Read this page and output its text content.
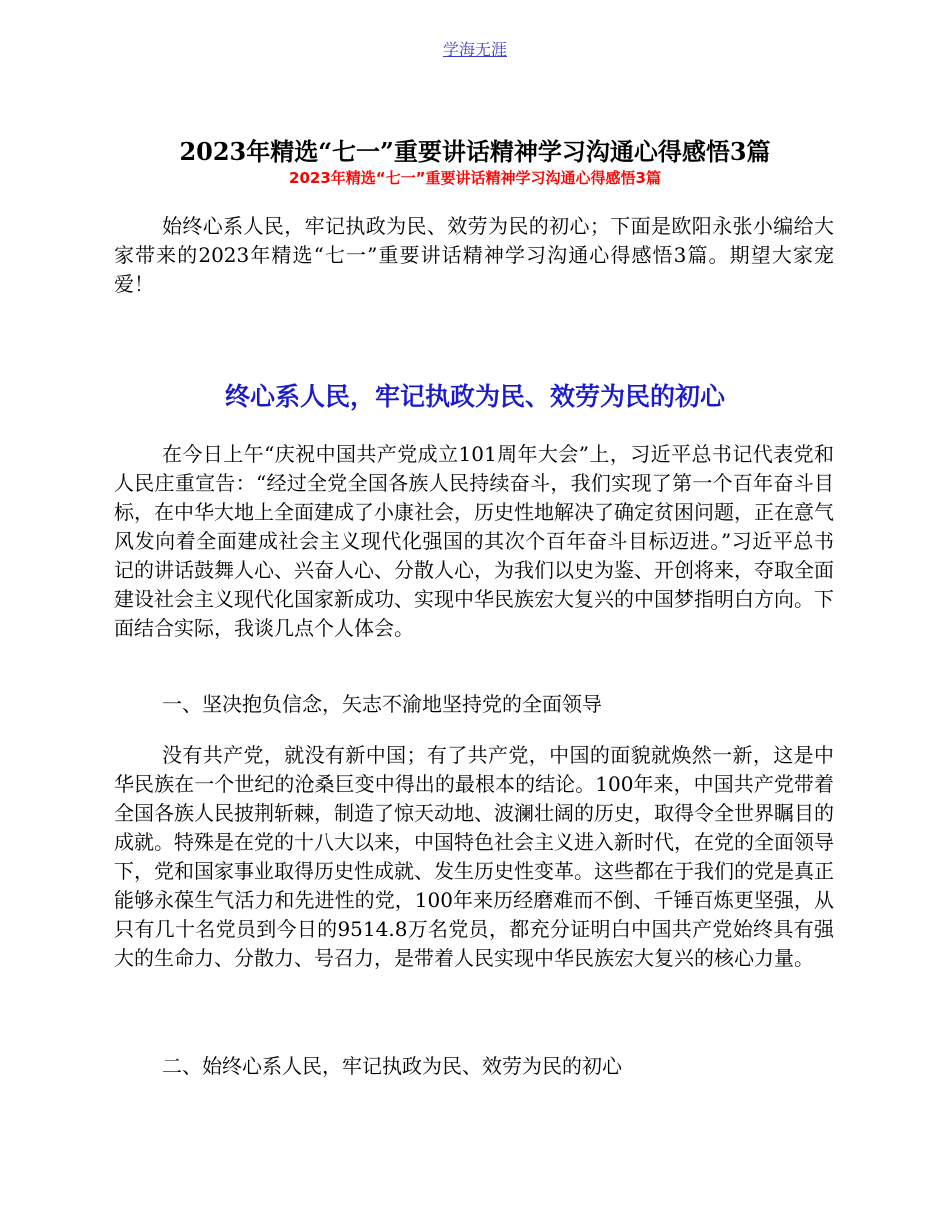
学海无涯
2023年精选“七一”重要讲话精神学习沟通心得感悟3篇
2023年精选“七一”重要讲话精神学习沟通心得感悟3篇

始终心系人民，牢记执政为民、效劳为民的初心；下面是欧阳永张小编给大家带来的2023年精选“七一”重要讲话精神学习沟通心得感悟3篇。期望大家宠爱！

终心系人民，牢记执政为民、效劳为民的初心

在今日上午“庆祝中国共产党成立101周年大会”上，习近平总书记代表党和人民庄重宣告：“经过全党全国各族人民持续奋斗，我们实现了第一个百年奋斗目标，在中华大地上全面建成了小康社会，历史性地解决了确定贫困问题，正在意气风发向着全面建成社会主义现代化强国的其次个百年奋斗目标迈进。”习近平总书记的讲话鼓舞人心、兴奋人心、分散人心，为我们以史为鉴、开创将来，夺取全面建设社会主义现代化国家新成功、实现中华民族宏大复兴的中国梦指明白方向。下面结合实际，我谈几点个人体会。

一、坚决抱负信念，矢志不渝地坚持党的全面领导

没有共产党，就没有新中国；有了共产党，中国的面貌就焕然一新，这是中华民族在一个世纪的沧桑巨变中得出的最根本的结论。100年来，中国共产党带着全国各族人民披荆斩棘，制造了惊天动地、波澜壮阔的历史，取得令全世界瞩目的成就。特殊是在党的十八大以来，中国特色社会主义进入新时代，在党的全面领导下，党和国家事业取得历史性成就、发生历史性变革。这些都在于我们的党是真正能够永葆生气活力和先进性的党，100年来历经磨难而不倒、千锤百炼更坚强，从只有几十名党员到今日的9514.8万名党员，都充分证明白中国共产党始终具有强大的生命力、分散力、号召力，是带着人民实现中华民族宏大复兴的核心力量。

二、始终心系人民，牢记执政为民、效劳为民的初心
